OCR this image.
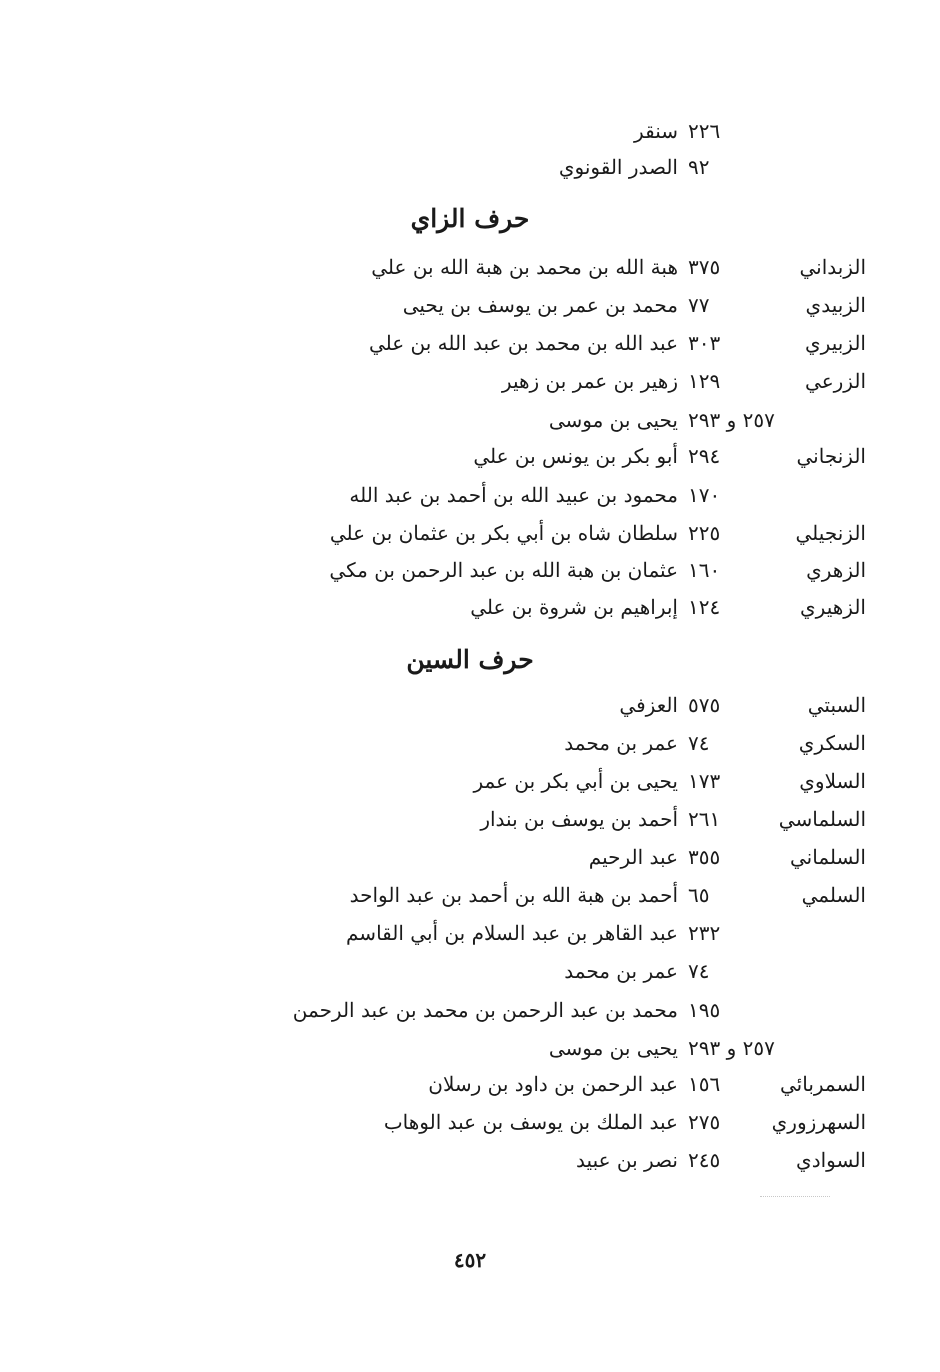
سنقر ٢٢٦
الصدر القونوي ٩٢
حرف الزاي
الزبداني
هبة الله بن محمد بن هبة الله بن علي ٣٧٥
الزبيدي
محمد بن عمر بن يوسف بن يحيى ٧٧
الزبيري
عبد الله بن محمد بن عبد الله بن علي ٣٠٣
الزرعي
زهير بن عمر بن زهير ١٢٩
يحيى بن موسى ٢٥٧ و ٢٩٣
الزنجاني
أبو بكر بن يونس بن علي ٢٩٤
محمود بن عبيد الله بن أحمد بن عبد الله ١٧٠
الزنجيلي
سلطان شاه بن أبي بكر بن عثمان بن علي ٢٢٥
الزهري
عثمان بن هبة الله بن عبد الرحمن بن مكي ١٦٠
الزهيري
إبراهيم بن شروة بن علي ١٢٤
حرف السين
السبتي
العزفي ٥٧٥
السكري
عمر بن محمد ٧٤
السلاوي
يحيى بن أبي بكر بن عمر ١٧٣
السلماسي
أحمد بن يوسف بن بندار ٢٦١
السلماني
عبد الرحيم ٣٥٥
السلمي
أحمد بن هبة الله بن أحمد بن عبد الواحد ٦٥
عبد القاهر بن عبد السلام بن أبي القاسم ٢٣٢
عمر بن محمد ٧٤
محمد بن عبد الرحمن بن محمد بن عبد الرحمن ١٩٥
يحيى بن موسى ٢٥٧ و ٢٩٣
السمربائي
عبد الرحمن بن داود بن رسلان ١٥٦
السهرزوري
عبد الملك بن يوسف بن عبد الوهاب ٢٧٥
السوادي
نصر بن عبيد ٢٤٥
٤٥٢
